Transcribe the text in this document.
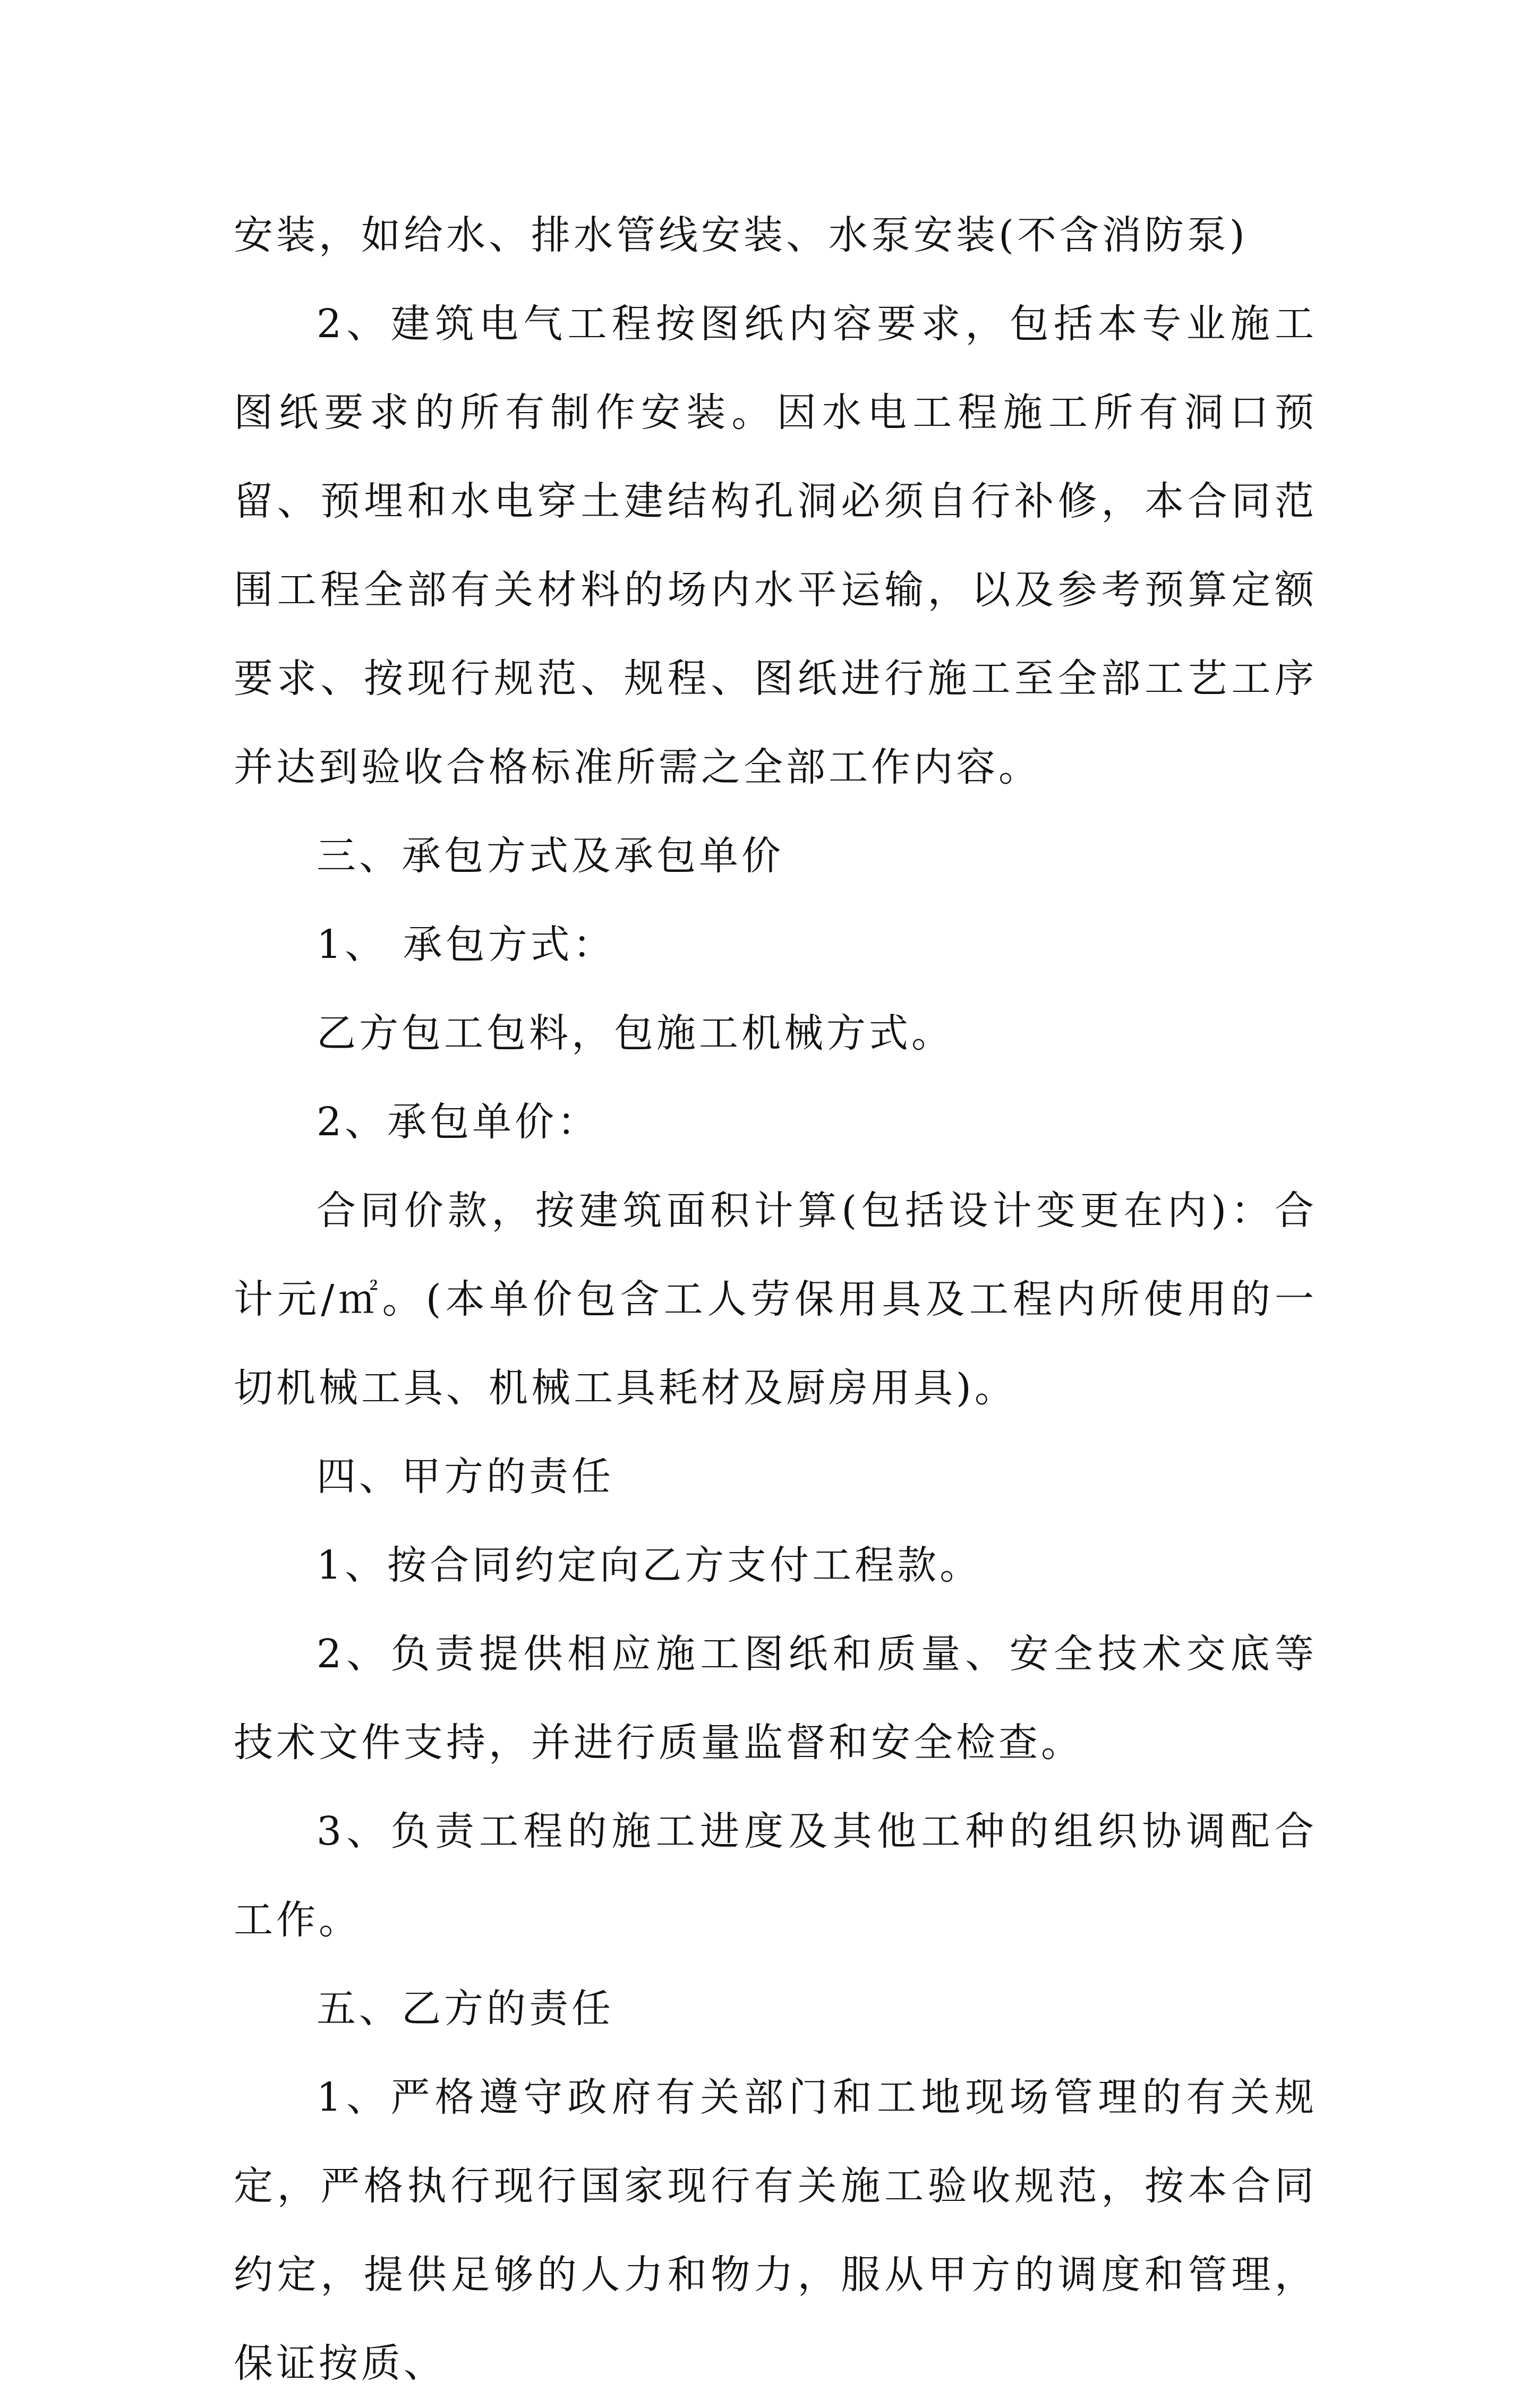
安装，如给水、排水管线安装、水泵安装(不含消防泵)

2、建筑电气工程按图纸内容要求，包括本专业施工图纸要求的所有制作安装。因水电工程施工所有洞口预留、预埋和水电穿土建结构孔洞必须自行补修，本合同范围工程全部有关材料的场内水平运输，以及参考预算定额要求、按现行规范、规程、图纸进行施工至全部工艺工序并达到验收合格标准所需之全部工作内容。

三、承包方式及承包单价

1、 承包方式：

乙方包工包料，包施工机械方式。

2、承包单价：

合同价款，按建筑面积计算(包括设计变更在内)：合计元/㎡。(本单价包含工人劳保用具及工程内所使用的一切机械工具、机械工具耗材及厨房用具)。

四、甲方的责任

1、按合同约定向乙方支付工程款。

2、负责提供相应施工图纸和质量、安全技术交底等技术文件支持，并进行质量监督和安全检查。

3、负责工程的施工进度及其他工种的组织协调配合工作。

五、乙方的责任

1、严格遵守政府有关部门和工地现场管理的有关规定，严格执行现行国家现行有关施工验收规范，按本合同约定，提供足够的人力和物力，服从甲方的调度和管理，保证按质、
